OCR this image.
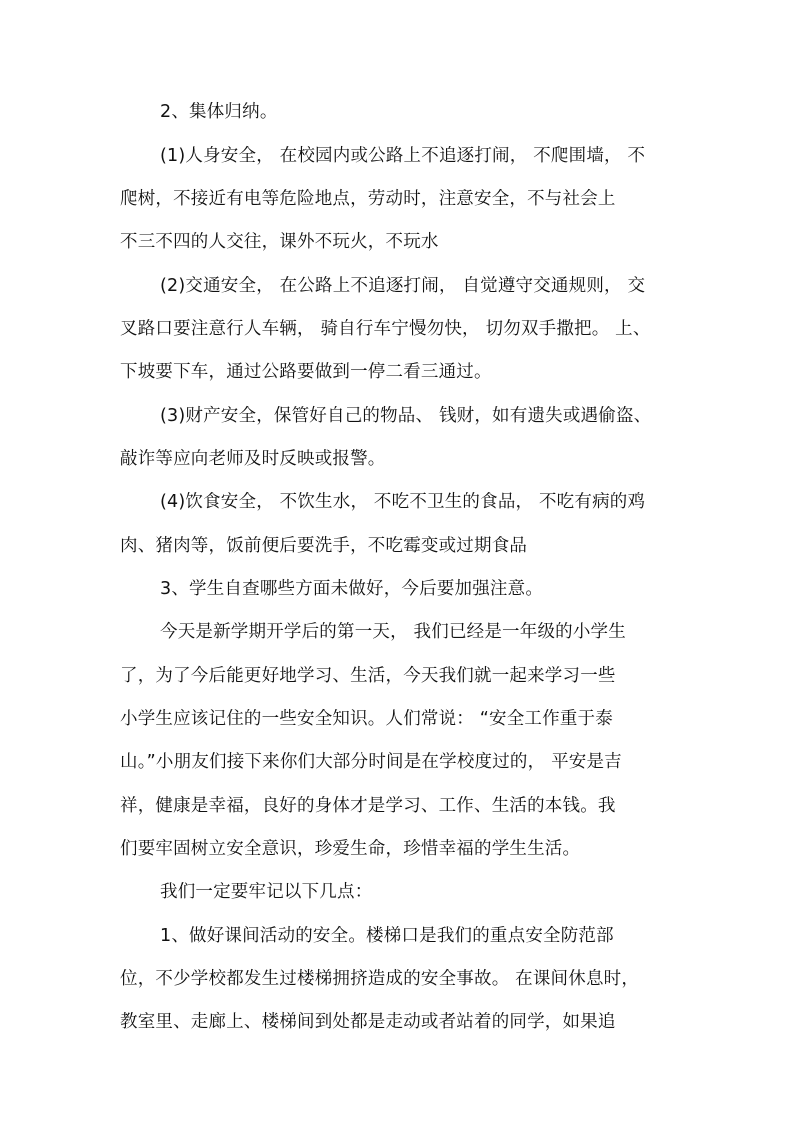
2、集体归纳。
(1)人身安全， 在校园内或公路上不追逐打闹， 不爬围墙， 不
爬树，不接近有电等危险地点，劳动时，注意安全，不与社会上
不三不四的人交往，课外不玩火，不玩水
(2)交通安全， 在公路上不追逐打闹， 自觉遵守交通规则， 交
叉路口要注意行人车辆， 骑自行车宁慢勿快， 切勿双手撒把。 上、
下坡要下车，通过公路要做到一停二看三通过。
(3)财产安全，保管好自己的物品、 钱财，如有遗失或遇偷盗、
敲诈等应向老师及时反映或报警。
(4)饮食安全， 不饮生水， 不吃不卫生的食品， 不吃有病的鸡
肉、猪肉等，饭前便后要洗手，不吃霉变或过期食品
3、学生自查哪些方面未做好，今后要加强注意。
今天是新学期开学后的第一天， 我们已经是一年级的小学生
了，为了今后能更好地学习、生活，今天我们就一起来学习一些
小学生应该记住的一些安全知识。人们常说： “安全工作重于泰
山。”小朋友们接下来你们大部分时间是在学校度过的， 平安是吉
祥，健康是幸福，良好的身体才是学习、工作、生活的本钱。我
们要牢固树立安全意识，珍爱生命，珍惜幸福的学生生活。
我们一定要牢记以下几点：
1、做好课间活动的安全。楼梯口是我们的重点安全防范部
位，不少学校都发生过楼梯拥挤造成的安全事故。 在课间休息时，
教室里、走廊上、楼梯间到处都是走动或者站着的同学，如果追
